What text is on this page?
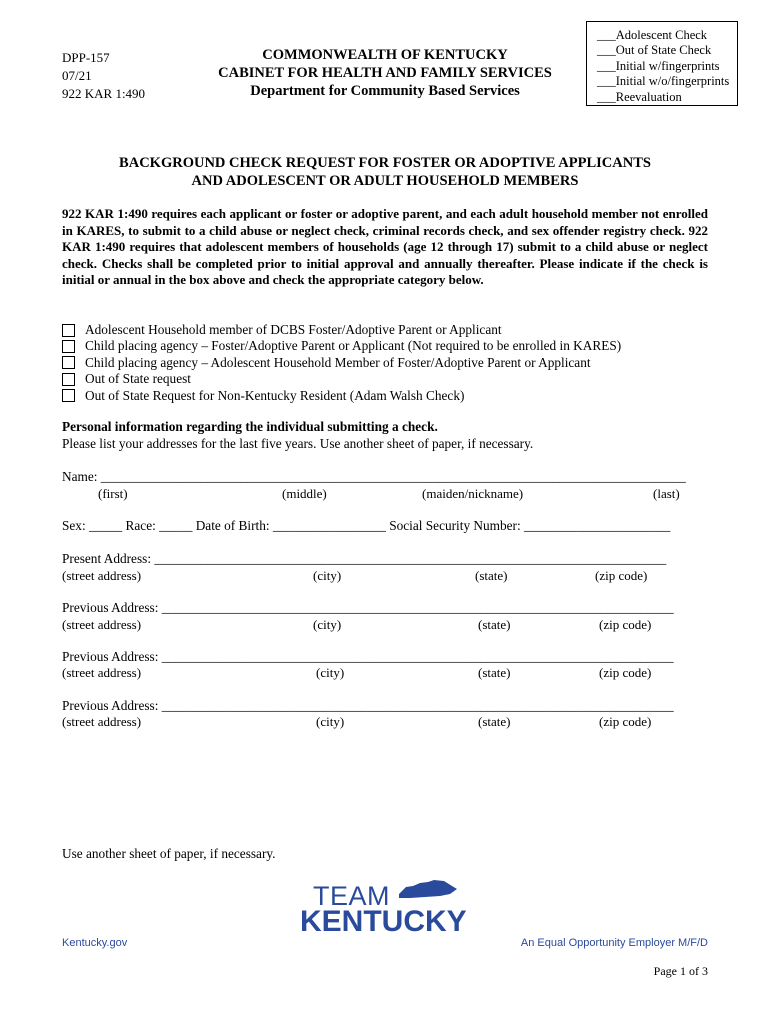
DPP-157
07/21
922 KAR 1:490
COMMONWEALTH OF KENTUCKY
CABINET FOR HEALTH AND FAMILY SERVICES
Department for Community Based Services
___Adolescent Check
___Out of State Check
___Initial w/fingerprints
___Initial w/o/fingerprints
___Reevaluation
BACKGROUND CHECK REQUEST FOR FOSTER OR ADOPTIVE APPLICANTS
AND ADOLESCENT OR ADULT HOUSEHOLD MEMBERS
922 KAR 1:490 requires each applicant or foster or adoptive parent, and each adult household member not enrolled in KARES, to submit to a child abuse or neglect check, criminal records check, and sex offender registry check. 922 KAR 1:490 requires that adolescent members of households (age 12 through 17) submit to a child abuse or neglect check. Checks shall be completed prior to initial approval and annually thereafter. Please indicate if the check is initial or annual in the box above and check the appropriate category below.
Adolescent Household member of DCBS Foster/Adoptive Parent or Applicant
Child placing agency – Foster/Adoptive Parent or Applicant (Not required to be enrolled in KARES)
Child placing agency – Adolescent Household Member of Foster/Adoptive Parent or Applicant
Out of State request
Out of State Request for Non-Kentucky Resident (Adam Walsh Check)
Personal information regarding the individual submitting a check.
Please list your addresses for the last five years. Use another sheet of paper, if necessary.
Name: ________________________________________________________________________________________
(first)	(middle)	(maiden/nickname)	(last)
Sex: _____ Race: _____ Date of Birth: _________________ Social Security Number: ______________________
Present Address: _____________________________________________________________________________
(street address)	(city)	(state)	(zip code)
Previous Address: _____________________________________________________________________________
(street address)	(city)	(state)	(zip code)
Previous Address: _____________________________________________________________________________
(street address)	(city)	(state)	(zip code)
Previous Address: _____________________________________________________________________________
(street address)	(city)	(state)	(zip code)
Use another sheet of paper, if necessary.
TEAM
KENTUCKY
Kentucky.gov	An Equal Opportunity Employer M/F/D
Page 1 of 3
